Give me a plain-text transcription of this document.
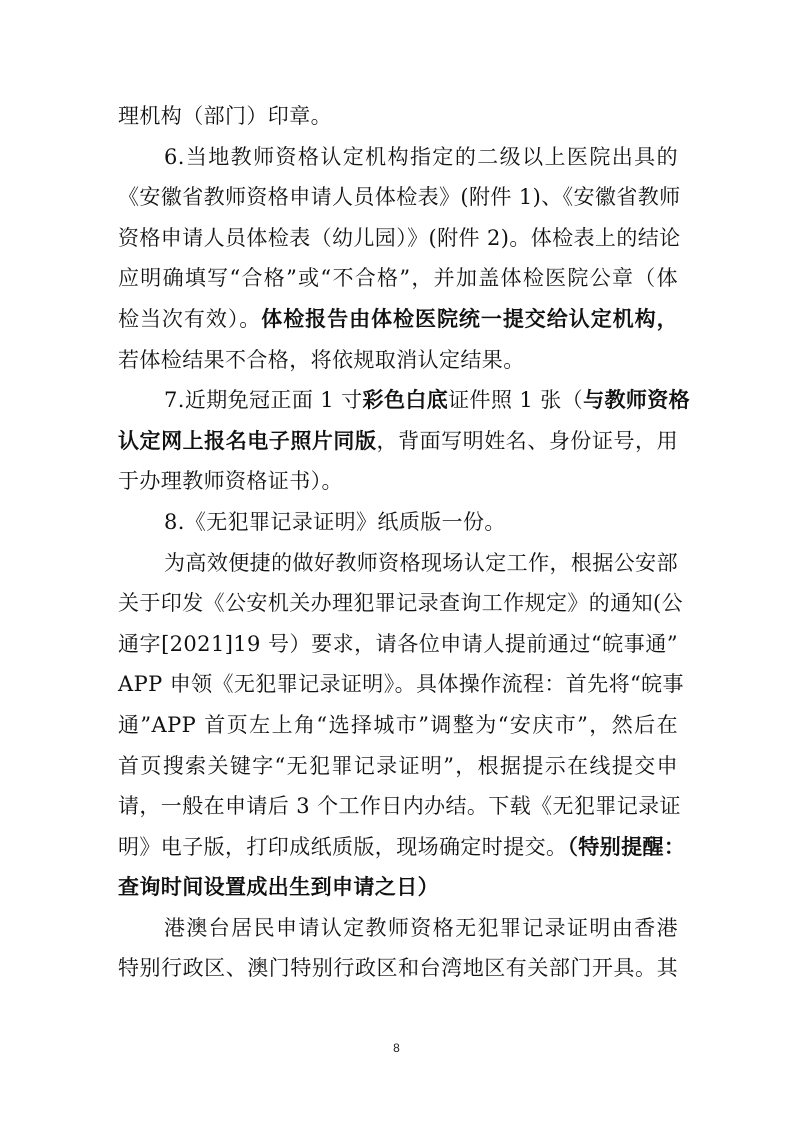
理机构（部门）印章。
6.当地教师资格认定机构指定的二级以上医院出具的
《安徽省教师资格申请人员体检表》(附件 1)、《安徽省教师
资格申请人员体检表（幼儿园）》(附件 2)。体检表上的结论
应明确填写“合格”或“不合格”，并加盖体检医院公章（体
检当次有效）。体检报告由体检医院统一提交给认定机构，
若体检结果不合格，将依规取消认定结果。
7.近期免冠正面 1 寸彩色白底证件照 1 张（与教师资格
认定网上报名电子照片同版，背面写明姓名、身份证号，用
于办理教师资格证书）。
8.《无犯罪记录证明》纸质版一份。
为高效便捷的做好教师资格现场认定工作，根据公安部
关于印发《公安机关办理犯罪记录查询工作规定》的通知(公
通字[2021]19 号）要求，请各位申请人提前通过“皖事通”
APP 申领《无犯罪记录证明》。具体操作流程：首先将“皖事
通”APP 首页左上角“选择城市”调整为“安庆市”，然后在
首页搜索关键字“无犯罪记录证明”，根据提示在线提交申
请，一般在申请后 3 个工作日内办结。下载《无犯罪记录证
明》电子版，打印成纸质版，现场确定时提交。（特别提醒：
查询时间设置成出生到申请之日）
港澳台居民申请认定教师资格无犯罪记录证明由香港
特别行政区、澳门特别行政区和台湾地区有关部门开具。其
8
